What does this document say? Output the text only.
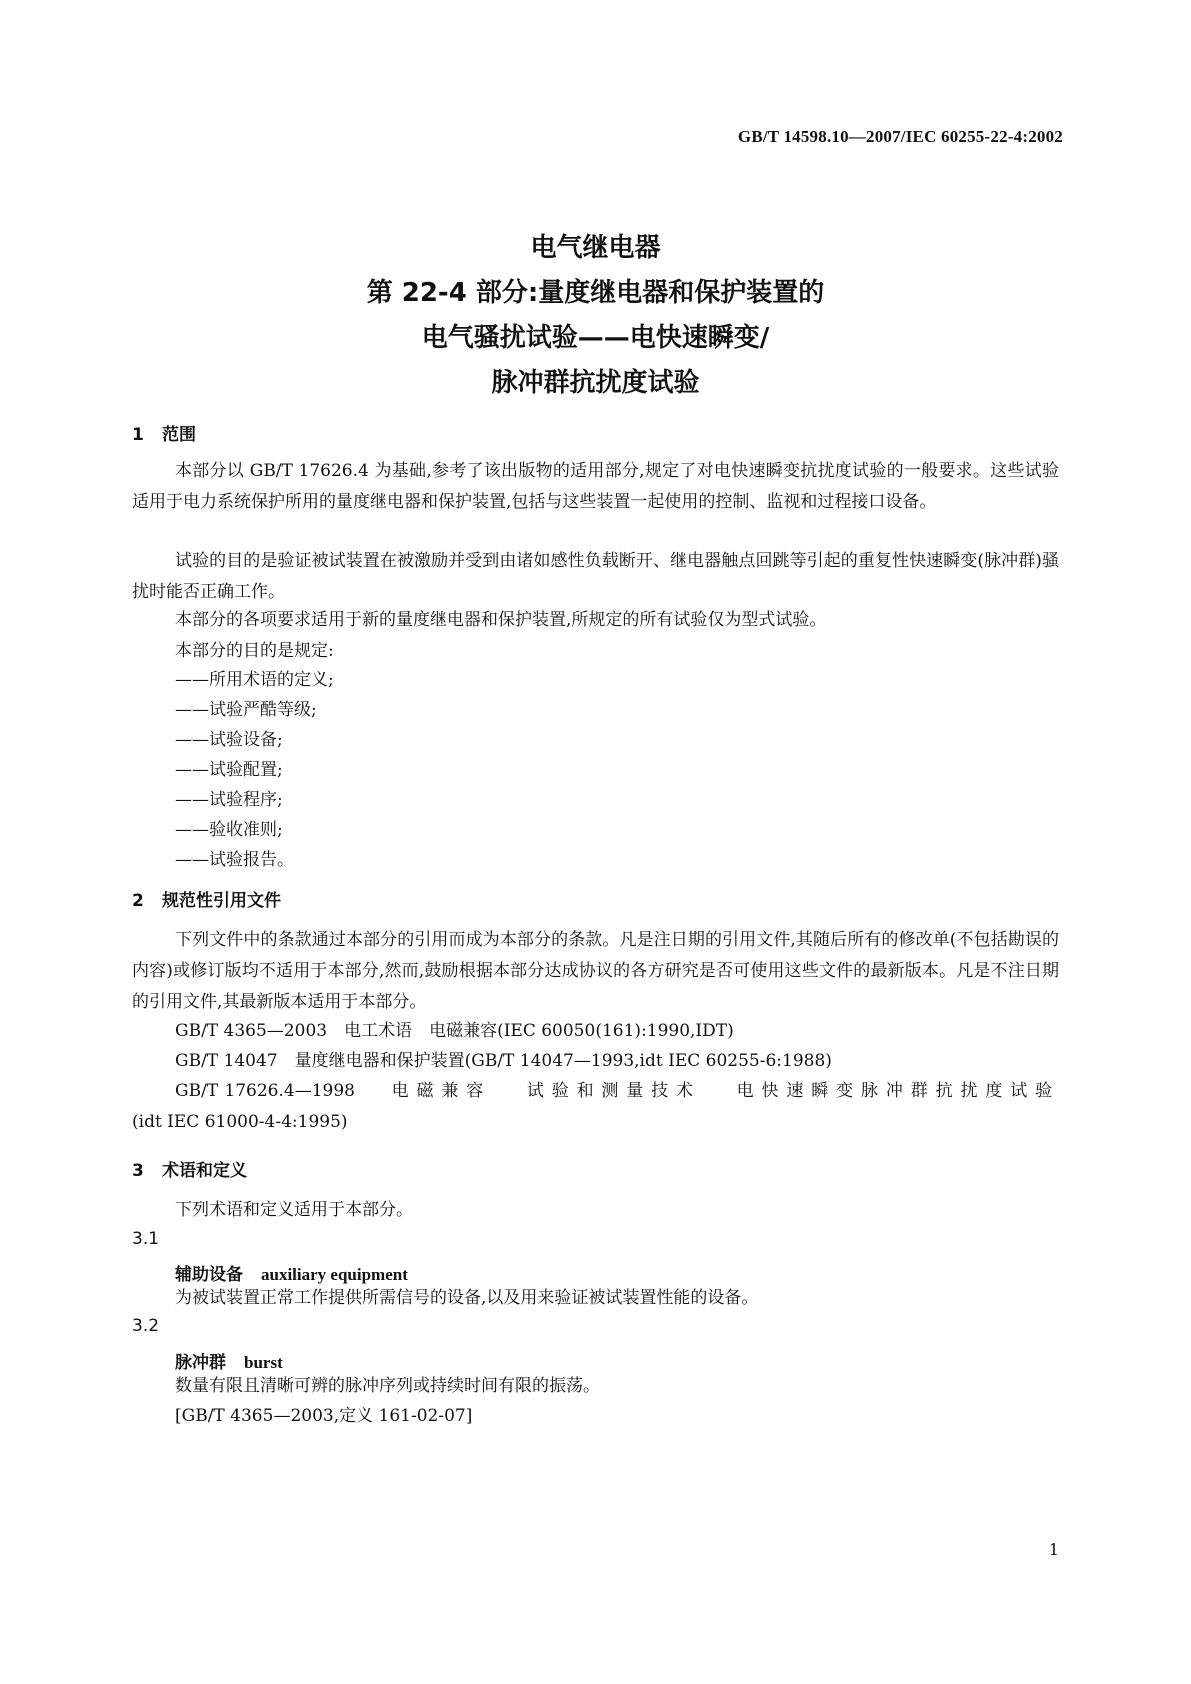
GB/T 14598.10—2007/IEC 60255-22-4:2002
电气继电器
第 22-4 部分:量度继电器和保护装置的
电气骚扰试验——电快速瞬变/
脉冲群抗扰度试验
1 范围
本部分以 GB/T 17626.4 为基础,参考了该出版物的适用部分,规定了对电快速瞬变抗扰度试验的一般要求。这些试验适用于电力系统保护所用的量度继电器和保护装置,包括与这些装置一起使用的控制、监视和过程接口设备。
试验的目的是验证被试装置在被激励并受到由诸如感性负载断开、继电器触点回跳等引起的重复性快速瞬变(脉冲群)骚扰时能否正确工作。
本部分的各项要求适用于新的量度继电器和保护装置,所规定的所有试验仅为型式试验。
本部分的目的是规定:
——所用术语的定义;
——试验严酷等级;
——试验设备;
——试验配置;
——试验程序;
——验收准则;
——试验报告。
2 规范性引用文件
下列文件中的条款通过本部分的引用而成为本部分的条款。凡是注日期的引用文件,其随后所有的修改单(不包括勘误的内容)或修订版均不适用于本部分,然而,鼓励根据本部分达成协议的各方研究是否可使用这些文件的最新版本。凡是不注日期的引用文件,其最新版本适用于本部分。
GB/T 4365—2003　电工术语　电磁兼容(IEC 60050(161):1990,IDT)
GB/T 14047　量度继电器和保护装置(GB/T 14047—1993,idt IEC 60255-6:1988)
GB/T 17626.4—1998　　 电磁兼容　　 试验和测量技术　　 电快速瞬变脉冲群抗扰度试验 (idt IEC 61000-4-4:1995)
3 术语和定义
下列术语和定义适用于本部分。
3.1
辅助设备 auxiliary equipment
为被试装置正常工作提供所需信号的设备,以及用来验证被试装置性能的设备。
3.2
脉冲群 burst
数量有限且清晰可辨的脉冲序列或持续时间有限的振荡。
[GB/T 4365—2003,定义 161-02-07]
1
